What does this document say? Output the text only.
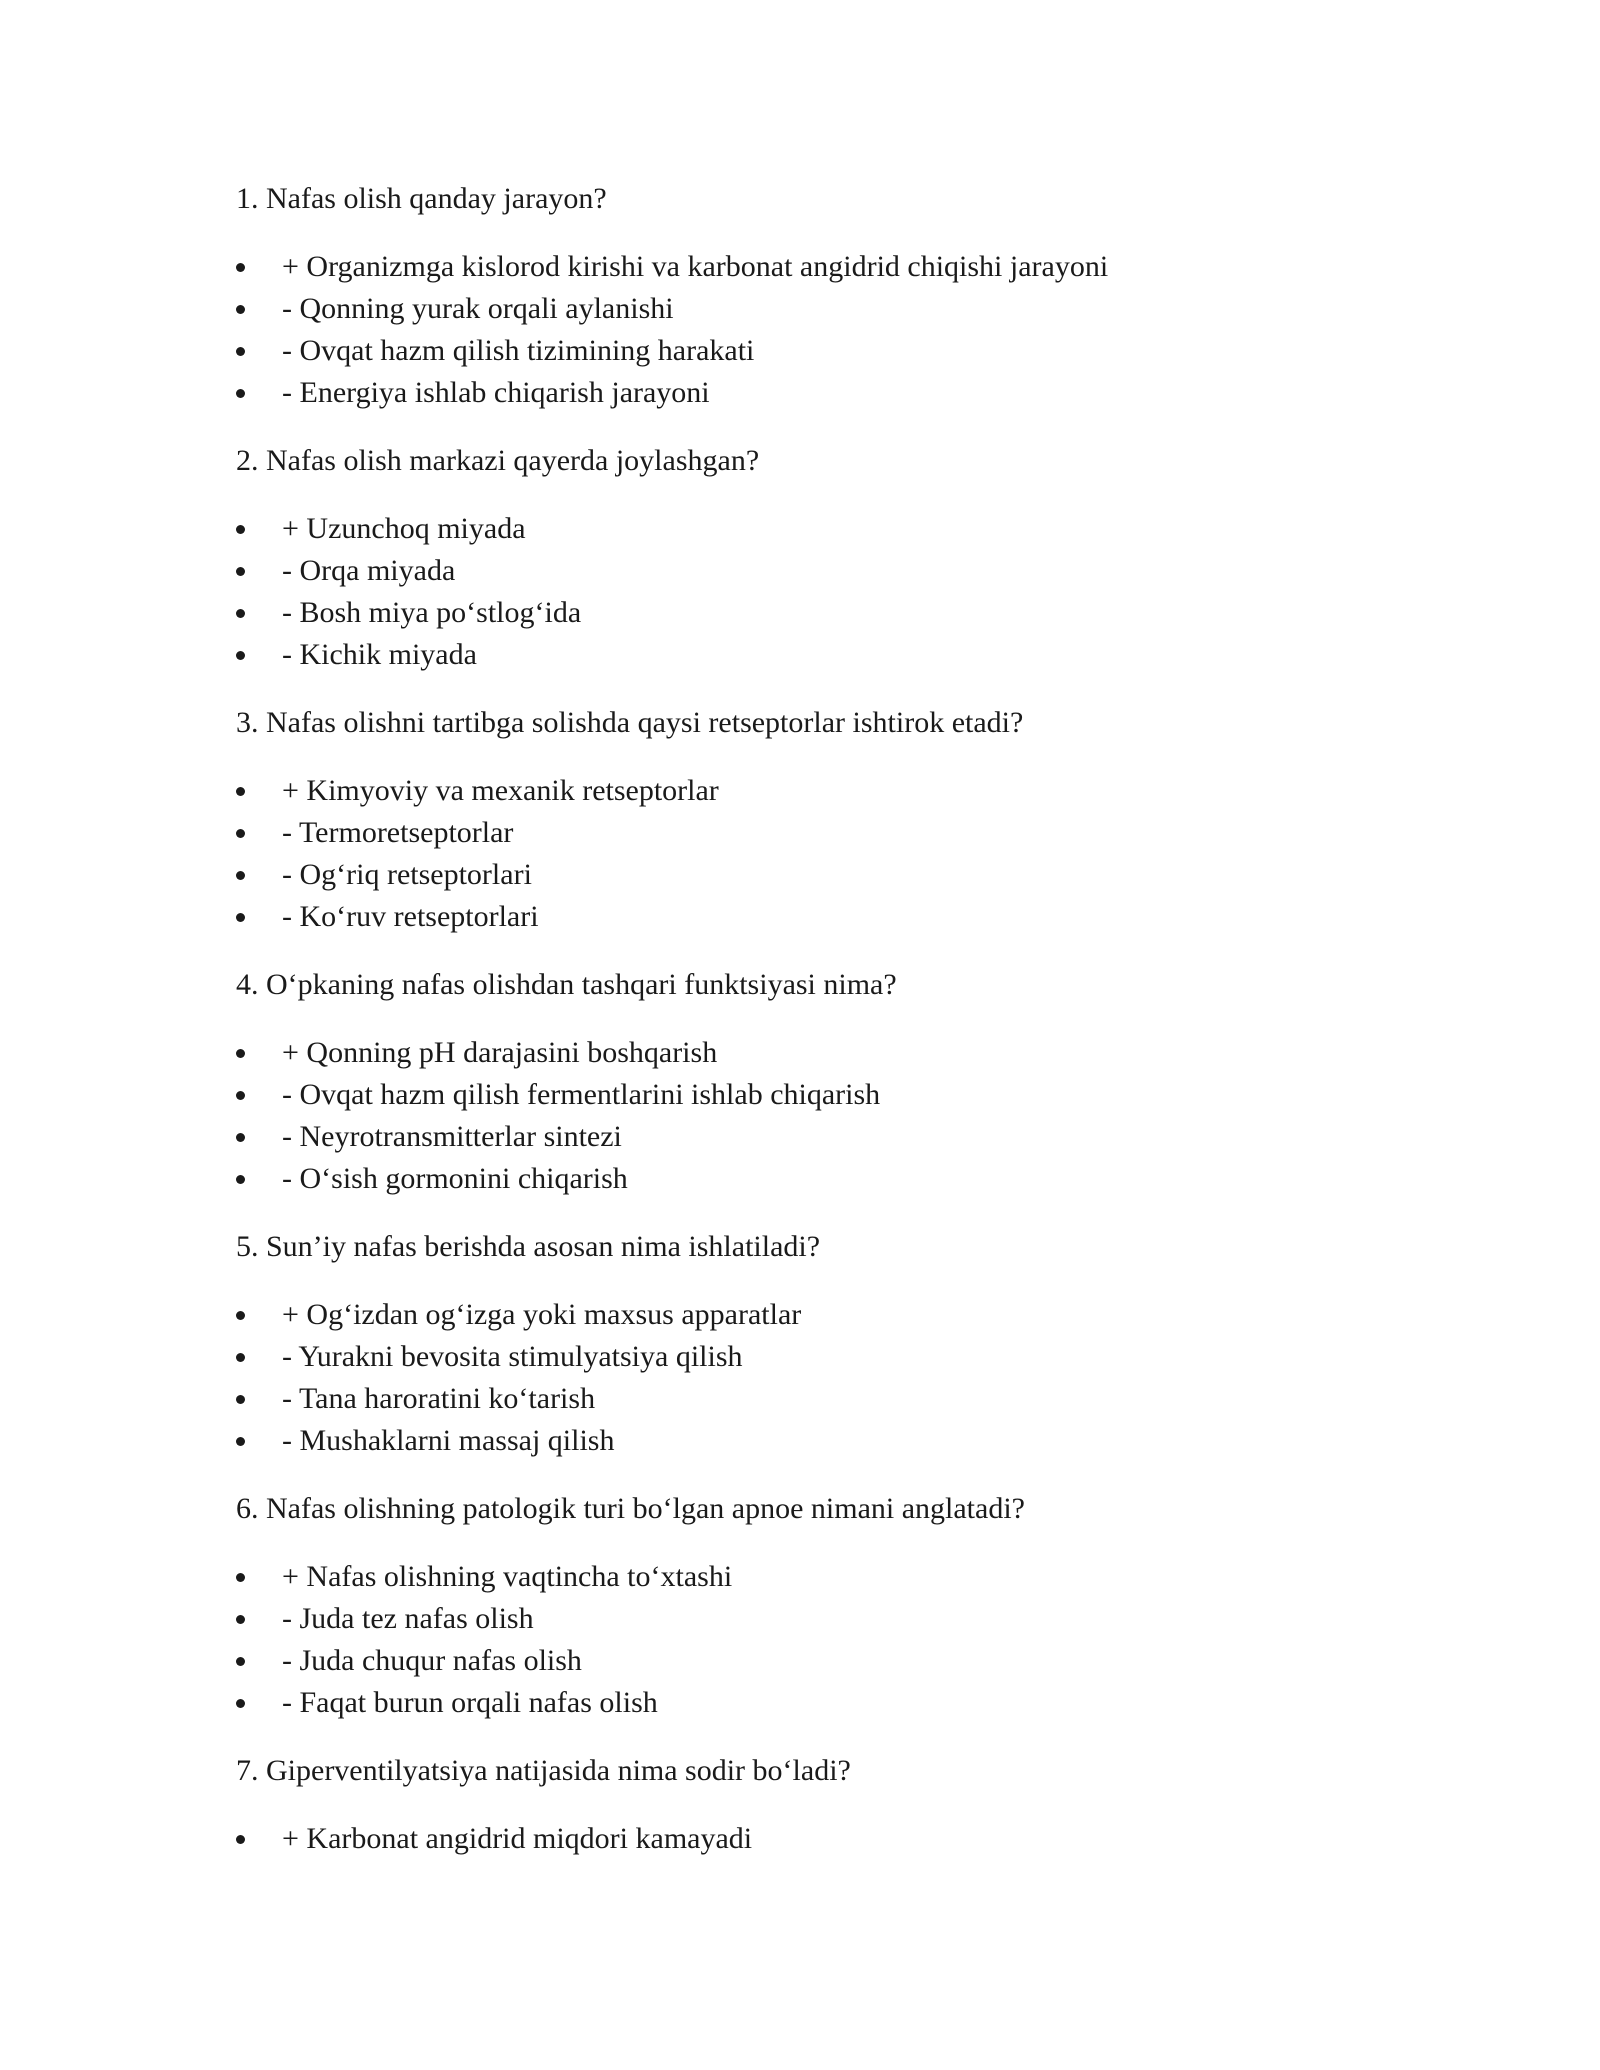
1. Nafas olish qanday jarayon?

+ Organizmga kislorod kirishi va karbonat angidrid chiqishi jarayoni
- Qonning yurak orqali aylanishi
- Ovqat hazm qilish tizimining harakati
- Energiya ishlab chiqarish jarayoni

2. Nafas olish markazi qayerda joylashgan?

+ Uzunchoq miyada
- Orqa miyada
- Bosh miya po‘stlog‘ida
- Kichik miyada

3. Nafas olishni tartibga solishda qaysi retseptorlar ishtirok etadi?

+ Kimyoviy va mexanik retseptorlar
- Termoretseptorlar
- Og‘riq retseptorlari
- Ko‘ruv retseptorlari

4. O‘pkaning nafas olishdan tashqari funktsiyasi nima?

+ Qonning pH darajasini boshqarish
- Ovqat hazm qilish fermentlarini ishlab chiqarish
- Neyrotransmitterlar sintezi
- O‘sish gormonini chiqarish

5. Sun’iy nafas berishda asosan nima ishlatiladi?

+ Og‘izdan og‘izga yoki maxsus apparatlar
- Yurakni bevosita stimulyatsiya qilish
- Tana haroratini ko‘tarish
- Mushaklarni massaj qilish

6. Nafas olishning patologik turi bo‘lgan apnoe nimani anglatadi?

+ Nafas olishning vaqtincha to‘xtashi
- Juda tez nafas olish
- Juda chuqur nafas olish
- Faqat burun orqali nafas olish

7. Giperventilyatsiya natijasida nima sodir bo‘ladi?

+ Karbonat angidrid miqdori kamayadi
